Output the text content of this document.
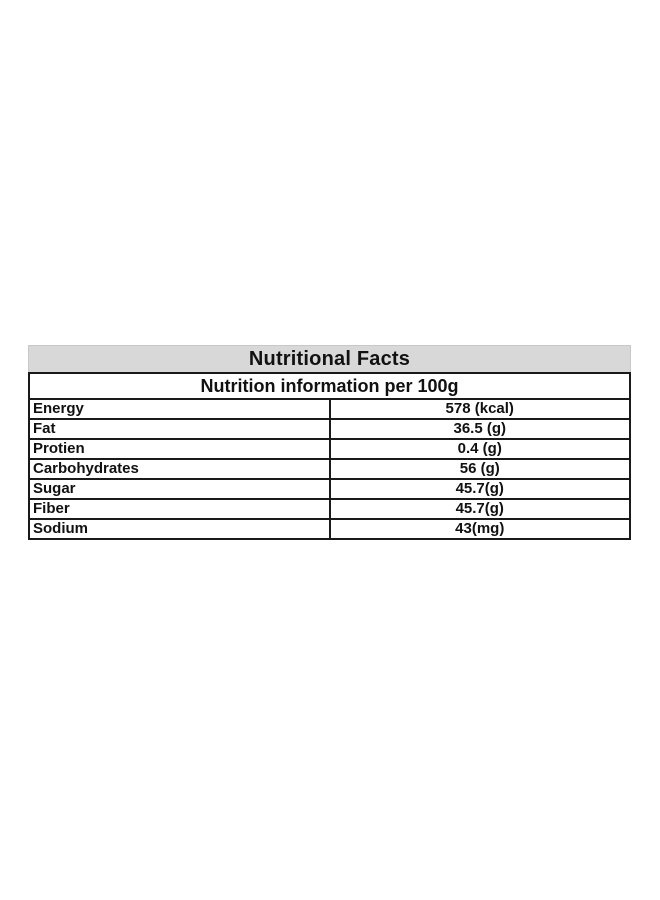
Nutritional Facts
Nutrition information per 100g	
Energy	578 (kcal)
Fat	36.5 (g)
Protien	0.4 (g)
Carbohydrates	56 (g)
Sugar	45.7(g)
Fiber	45.7(g)
Sodium	43(mg)
